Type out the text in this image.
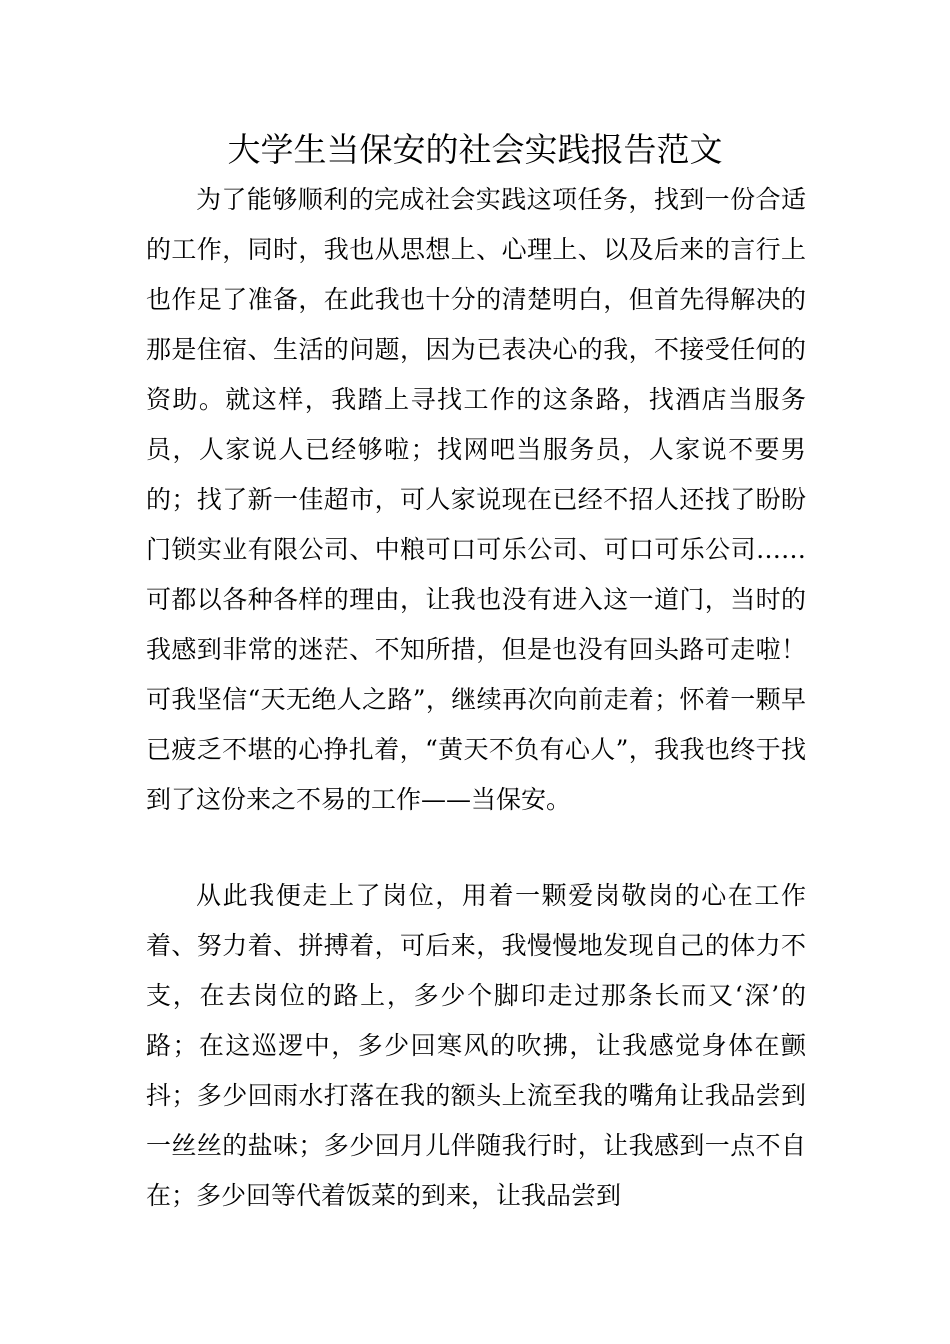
大学生当保安的社会实践报告范文

为了能够顺利的完成社会实践这项任务，找到一份合适的工作，同时，我也从思想上、心理上、以及后来的言行上也作足了准备，在此我也十分的清楚明白，但首先得解决的那是住宿、生活的问题，因为已表决心的我，不接受任何的资助。就这样，我踏上寻找工作的这条路，找酒店当服务员，人家说人已经够啦；找网吧当服务员，人家说不要男的；找了新一佳超市，可人家说现在已经不招人还找了盼盼门锁实业有限公司、中粮可口可乐公司、可口可乐公司……可都以各种各样的理由，让我也没有进入这一道门，当时的我感到非常的迷茫、不知所措，但是也没有回头路可走啦！可我坚信“天无绝人之路”，继续再次向前走着；怀着一颗早已疲乏不堪的心挣扎着，“黄天不负有心人”，我我也终于找到了这份来之不易的工作——当保安。

从此我便走上了岗位，用着一颗爱岗敬岗的心在工作着、努力着、拼搏着，可后来，我慢慢地发现自己的体力不支，在去岗位的路上，多少个脚印走过那条长而又‘深’的路；在这巡逻中，多少回寒风的吹拂，让我感觉身体在颤抖；多少回雨水打落在我的额头上流至我的嘴角让我品尝到一丝丝的盐味；多少回月儿伴随我行时，让我感到一点不自在；多少回等代着饭菜的到来，让我品尝到
